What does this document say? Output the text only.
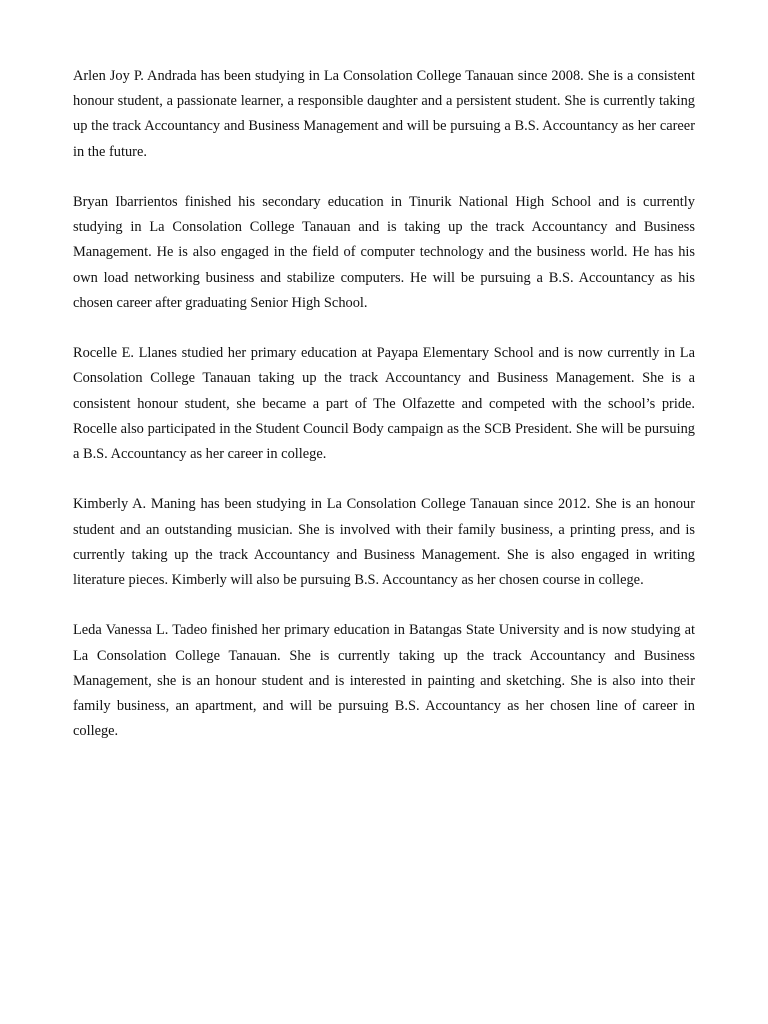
Arlen Joy P. Andrada has been studying in La Consolation College Tanauan since 2008. She is a consistent honour student, a passionate learner, a responsible daughter and a persistent student. She is currently taking up the track Accountancy and Business Management and will be pursuing a B.S. Accountancy as her career in the future.

Bryan Ibarrientos finished his secondary education in Tinurik National High School and is currently studying in La Consolation College Tanauan and is taking up the track Accountancy and Business Management. He is also engaged in the field of computer technology and the business world. He has his own load networking business and stabilize computers. He will be pursuing a B.S. Accountancy as his chosen career after graduating Senior High School.

Rocelle E. Llanes studied her primary education at Payapa Elementary School and is now currently in La Consolation College Tanauan taking up the track Accountancy and Business Management. She is a consistent honour student, she became a part of The Olfazette and competed with the school’s pride. Rocelle also participated in the Student Council Body campaign as the SCB President. She will be pursuing a B.S. Accountancy as her career in college.

Kimberly A. Maning has been studying in La Consolation College Tanauan since 2012. She is an honour student and an outstanding musician. She is involved with their family business, a printing press, and is currently taking up the track Accountancy and Business Management. She is also engaged in writing literature pieces. Kimberly will also be pursuing B.S. Accountancy as her chosen course in college.

Leda Vanessa L. Tadeo finished her primary education in Batangas State University and is now studying at La Consolation College Tanauan. She is currently taking up the track Accountancy and Business Management, she is an honour student and is interested in painting and sketching. She is also into their family business, an apartment, and will be pursuing B.S. Accountancy as her chosen line of career in college.
